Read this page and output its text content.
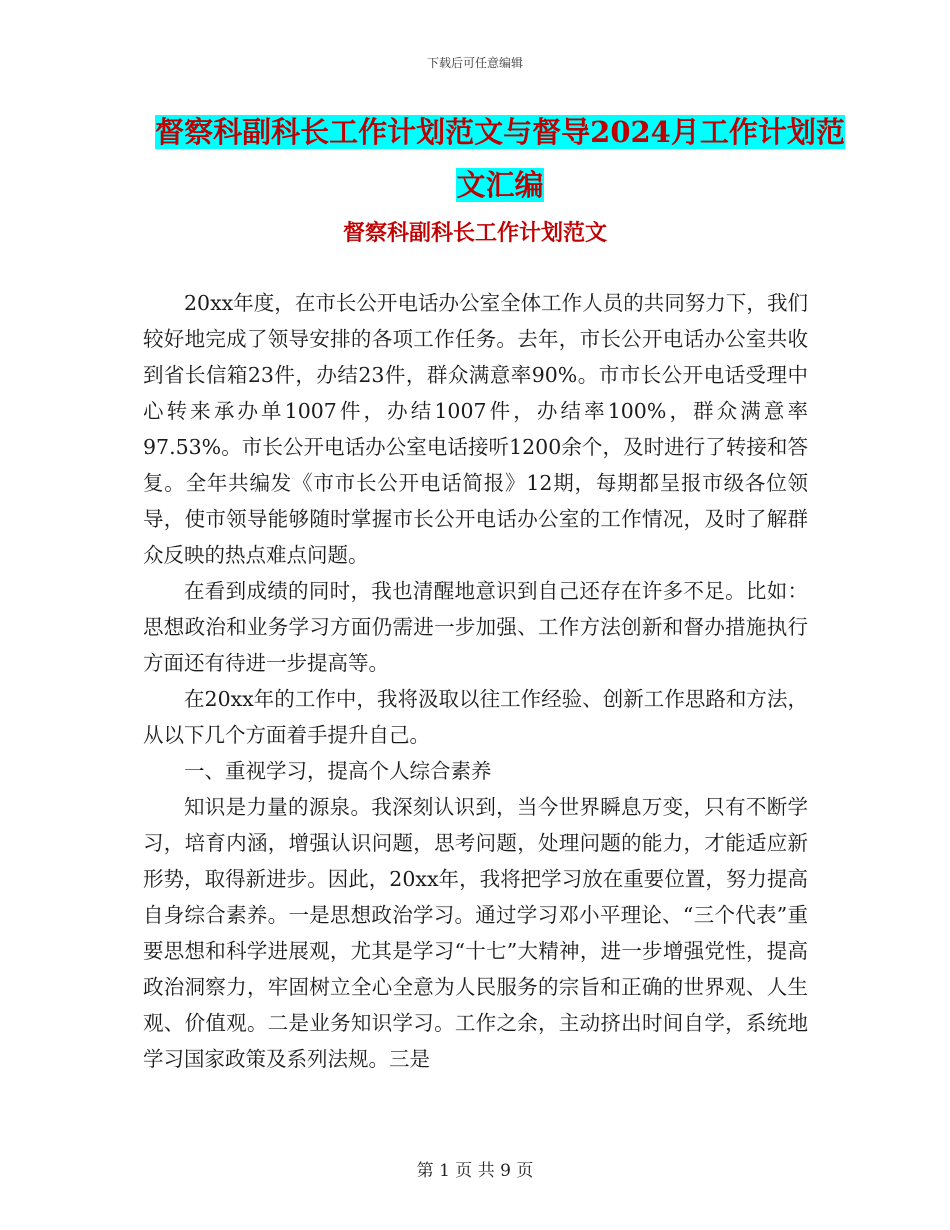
下载后可任意编辑
督察科副科长工作计划范文与督导2024月工作计划范文汇编
督察科副科长工作计划范文

20xx年度，在市长公开电话办公室全体工作人员的共同努力下，我们较好地完成了领导安排的各项工作任务。去年，市长公开电话办公室共收到省长信箱23件，办结23件，群众满意率90%。市市长公开电话受理中心转来承办单1007件，办结1007件，办结率100%，群众满意率97.53%。市长公开电话办公室电话接听1200余个，及时进行了转接和答复。全年共编发《市市长公开电话简报》12期，每期都呈报市级各位领导，使市领导能够随时掌握市长公开电话办公室的工作情况，及时了解群众反映的热点难点问题。

在看到成绩的同时，我也清醒地意识到自己还存在许多不足。比如：思想政治和业务学习方面仍需进一步加强、工作方法创新和督办措施执行方面还有待进一步提高等。

在20xx年的工作中，我将汲取以往工作经验、创新工作思路和方法，从以下几个方面着手提升自己。

一、重视学习，提高个人综合素养

知识是力量的源泉。我深刻认识到，当今世界瞬息万变，只有不断学习，培育内涵，增强认识问题，思考问题，处理问题的能力，才能适应新形势，取得新进步。因此，20xx年，我将把学习放在重要位置，努力提高自身综合素养。一是思想政治学习。通过学习邓小平理论、“三个代表”重要思想和科学进展观，尤其是学习“十七”大精神，进一步增强党性，提高政治洞察力，牢固树立全心全意为人民服务的宗旨和正确的世界观、人生观、价值观。二是业务知识学习。工作之余，主动挤出时间自学，系统地学习国家政策及系列法规。三是

第 1 页 共 9 页
